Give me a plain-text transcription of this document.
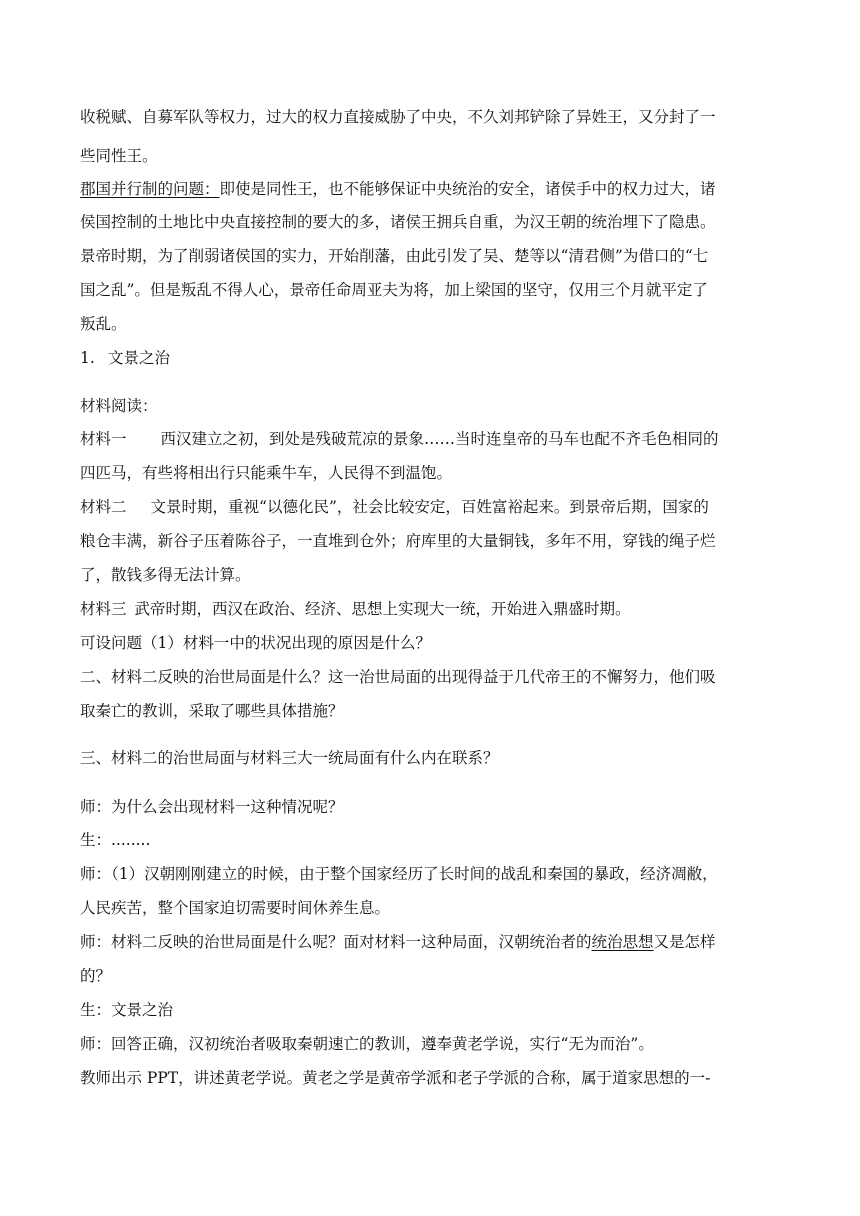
收税赋、自募军队等权力，过大的权力直接威胁了中央，不久刘邦铲除了异姓王，又分封了一
些同性王。
郡国并行制的问题：即使是同性王，也不能够保证中央统治的安全，诸侯手中的权力过大，诸
侯国控制的土地比中央直接控制的要大的多，诸侯王拥兵自重，为汉王朝的统治埋下了隐患。
景帝时期，为了削弱诸侯国的实力，开始削藩，由此引发了吴、楚等以“清君侧”为借口的“七
国之乱”。但是叛乱不得人心，景帝任命周亚夫为将，加上梁国的坚守，仅用三个月就平定了
叛乱。
1. 文景之治
材料阅读：
材料一 西汉建立之初，到处是残破荒凉的景象……当时连皇帝的马车也配不齐毛色相同的
四匹马，有些将相出行只能乘牛车，人民得不到温饱。
材料二 文景时期，重视“以德化民”，社会比较安定，百姓富裕起来。到景帝后期，国家的
粮仓丰满，新谷子压着陈谷子，一直堆到仓外；府库里的大量铜钱，多年不用，穿钱的绳子烂
了，散钱多得无法计算。
材料三 武帝时期，西汉在政治、经济、思想上实现大一统，开始进入鼎盛时期。
可设问题（1）材料一中的状况出现的原因是什么？
二、材料二反映的治世局面是什么？这一治世局面的出现得益于几代帝王的不懈努力，他们吸
取秦亡的教训，采取了哪些具体措施？
三、材料二的治世局面与材料三大一统局面有什么内在联系？
师：为什么会出现材料一这种情况呢？
生：........
师：（1）汉朝刚刚建立的时候，由于整个国家经历了长时间的战乱和秦国的暴政，经济凋敝，
人民疾苦，整个国家迫切需要时间休养生息。
师：材料二反映的治世局面是什么呢？面对材料一这种局面，汉朝统治者的统治思想又是怎样
的？
生：文景之治
师：回答正确，汉初统治者吸取秦朝速亡的教训，遵奉黄老学说，实行“无为而治”。
教师出示 PPT，讲述黄老学说。黄老之学是黄帝学派和老子学派的合称，属于道家思想的一-
